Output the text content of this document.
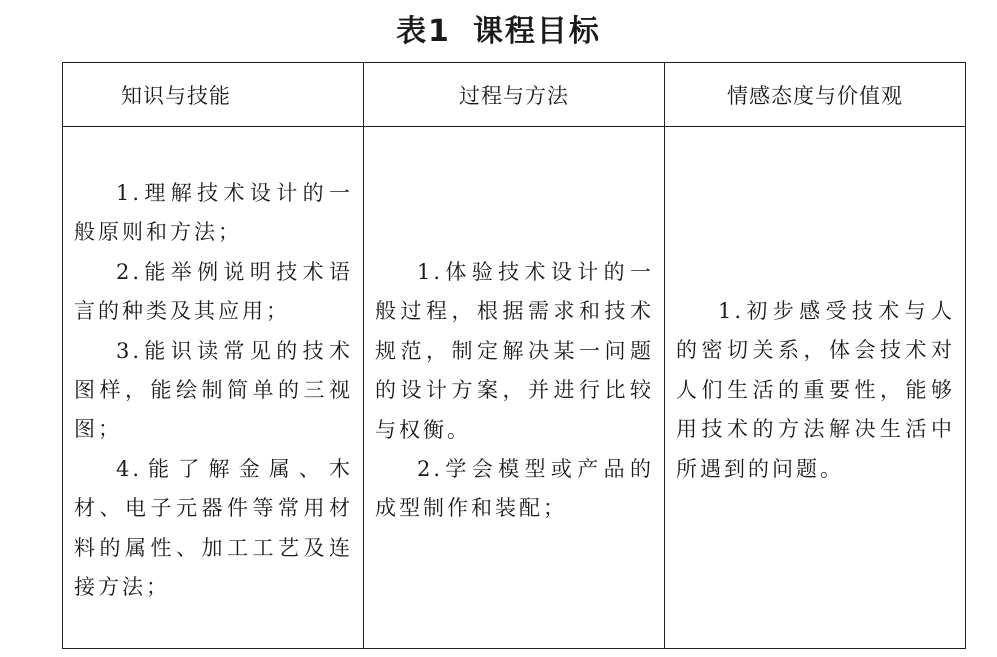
表1 课程目标
知识与技能	过程与方法	情感态度与价值观

1.理解技术设计的一般原则和方法；

2.能举例说明技术语言的种类及其应用；

3.能识读常见的技术图样，能绘制简单的三视图；

4.能了解金属、木材、电子元器件等常用材料的属性、加工工艺及连接方法；

1.体验技术设计的一般过程，根据需求和技术规范，制定解决某一问题的设计方案，并进行比较与权衡。

2.学会模型或产品的成型制作和装配；

1.初步感受技术与人的密切关系，体会技术对人们生活的重要性，能够用技术的方法解决生活中所遇到的问题。
